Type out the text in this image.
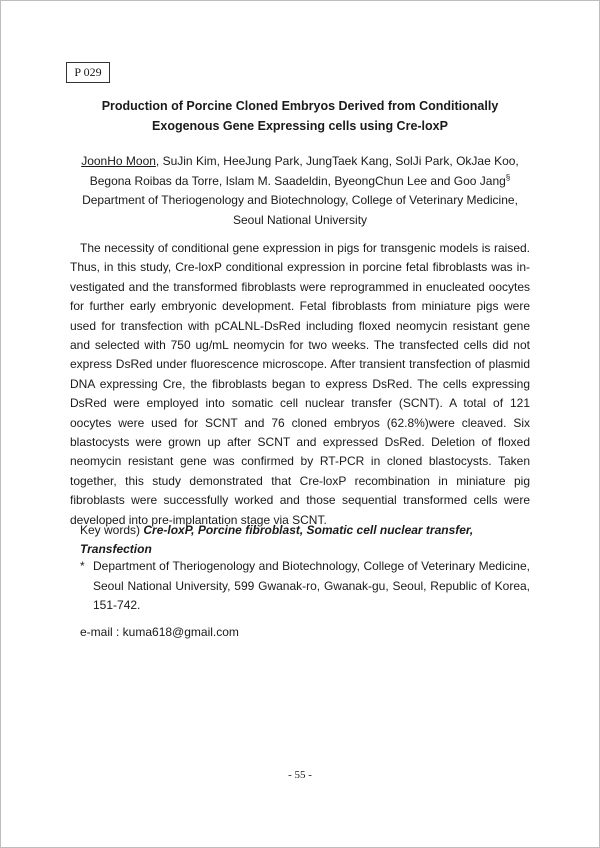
P 029
Production of Porcine Cloned Embryos Derived from Conditionally Exogenous Gene Expressing cells using Cre-loxP
JoonHo Moon, SuJin Kim, HeeJung Park, JungTaek Kang, SolJi Park, OkJae Koo, Begona Roibas da Torre, Islam M. Saadeldin, ByeongChun Lee and Goo Jang§
Department of Theriogenology and Biotechnology, College of Veterinary Medicine, Seoul National University

The necessity of conditional gene expression in pigs for transgenic models is raised. Thus, in this study, Cre-loxP conditional expression in porcine fetal fibroblasts was investigated and the transformed fibroblasts were reprogrammed in enucleated oocytes for further early embryonic development. Fetal fibroblasts from miniature pigs were used for transfection with pCALNL-DsRed including floxed neomycin resistant gene and selected with 750 ug/mL neomycin for two weeks. The transfected cells did not express DsRed under fluorescence microscope. After transient transfection of plasmid DNA expressing Cre, the fibroblasts began to express DsRed. The cells expressing DsRed were employed into somatic cell nuclear transfer (SCNT). A total of 121 oocytes were used for SCNT and 76 cloned embryos (62.8%)were cleaved. Six blastocysts were grown up after SCNT and expressed DsRed. Deletion of floxed neomycin resistant gene was confirmed by RT-PCR in cloned blastocysts. Taken together, this study demonstrated that Cre-loxP recombination in miniature pig fibroblasts were successfully worked and those sequential transformed cells were developed into pre-implantation stage via SCNT.

Key words) Cre-loxP, Porcine fibroblast, Somatic cell nuclear transfer, Transfection
* Department of Theriogenology and Biotechnology, College of Veterinary Medicine, Seoul National University, 599 Gwanak-ro, Gwanak-gu, Seoul, Republic of Korea, 151-742.
e-mail : kuma618@gmail.com
- 55 -
